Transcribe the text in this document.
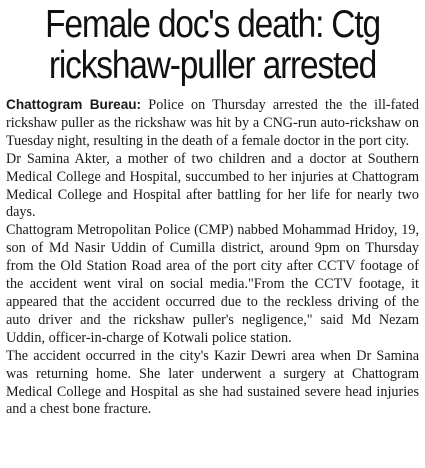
Female doc's death: Ctg
rickshaw-puller arrested

Chattogram Bureau: Police on Thursday arrested the the ill-fated rickshaw puller as the rickshaw was hit by a CNG-run auto-rickshaw on Tuesday night, resulting in the death of a female doctor in the port city.

Dr Samina Akter, a mother of two children and a doctor at Southern Medical College and Hospital, succumbed to her injuries at Chattogram Medical College and Hospital after battling for her life for nearly two days.

Chattogram Metropolitan Police (CMP) nabbed Mohammad Hridoy, 19, son of Md Nasir Uddin of Cumilla district, around 9pm on Thursday from the Old Station Road area of the port city after CCTV footage of the accident went viral on social media."From the CCTV footage, it appeared that the accident occurred due to the reckless driving of the auto driver and the rickshaw puller's negligence," said Md Nezam Uddin, officer-in-charge of Kotwali police station.

The accident occurred in the city's Kazir Dewri area when Dr Samina was returning home. She later underwent a surgery at Chattogram Medical College and Hospital as she had sustained severe head injuries and a chest bone fracture.
